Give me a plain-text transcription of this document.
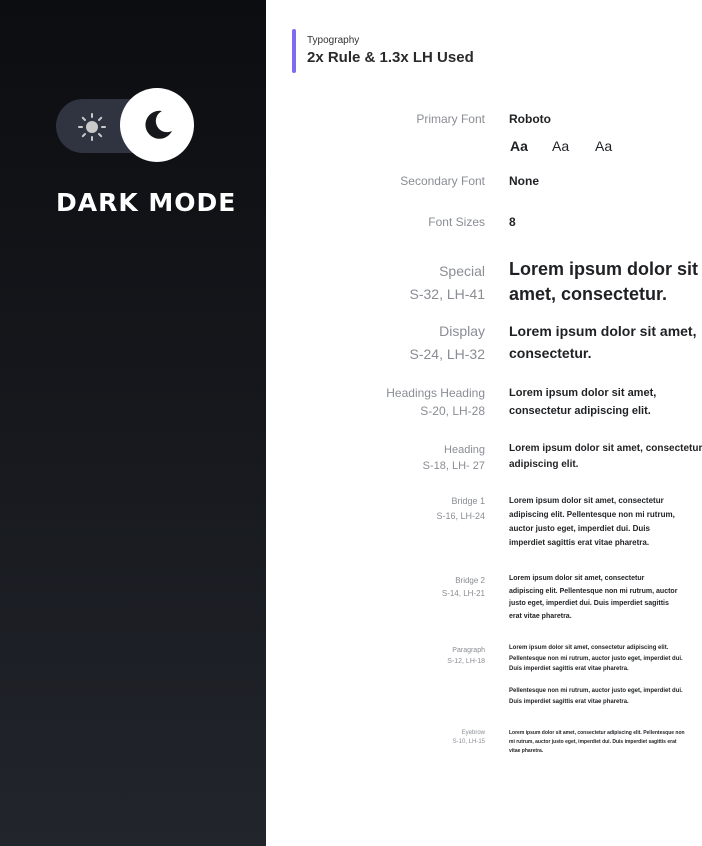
DARK MODE
Typography
2x Rule & 1.3x LH Used
Primary Font Roboto
Aa Aa Aa
Secondary Font None
Font Sizes 8
Special
S-32, LH-41
Lorem ipsum dolor sit
amet, consectetur.
Display
S-24, LH-32
Lorem ipsum dolor sit amet,
consectetur.
Headings Heading
S-20, LH-28
Lorem ipsum dolor sit amet,
consectetur adipiscing elit.
Heading
S-18, LH- 27
Lorem ipsum dolor sit amet, consectetur
adipiscing elit.
Bridge 1
S-16, LH-24
Lorem ipsum dolor sit amet, consectetur
adipiscing elit. Pellentesque non mi rutrum,
auctor justo eget, imperdiet dui. Duis
imperdiet sagittis erat vitae pharetra.
Bridge 2
S-14, LH-21
Lorem ipsum dolor sit amet, consectetur
adipiscing elit. Pellentesque non mi rutrum, auctor
justo eget, imperdiet dui. Duis imperdiet sagittis
erat vitae pharetra.
Paragraph
S-12, LH-18
Lorem ipsum dolor sit amet, consectetur adipiscing elit.
Pellentesque non mi rutrum, auctor justo eget, imperdiet dui.
Duis imperdiet sagittis erat vitae pharetra.
Pellentesque non mi rutrum, auctor justo eget, imperdiet dui.
Duis imperdiet sagittis erat vitae pharetra.
Eyebrow
S-10, LH-15
Lorem ipsum dolor sit amet, consectetur adipiscing elit. Pellentesque non
mi rutrum, auctor justo eget, imperdiet dui. Duis imperdiet sagittis erat
vitae pharetra.
